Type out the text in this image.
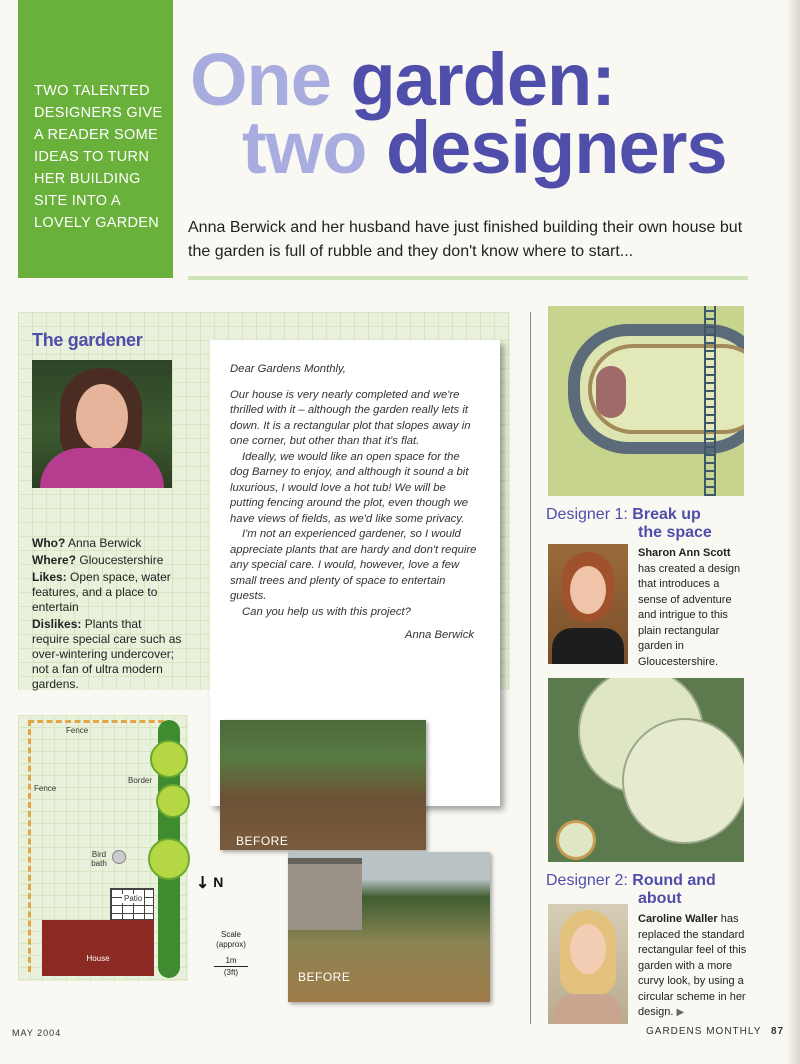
TWO TALENTED DESIGNERS GIVE A READER SOME IDEAS TO TURN HER BUILDING SITE INTO A LOVELY GARDEN
One garden:
two designers
Anna Berwick and her husband have just finished building their own house but the garden is full of rubble and they don't know where to start...
The gardener

Who? Anna Berwick

Where? Gloucestershire

Likes: Open space, water features, and a place to entertain

Dislikes: Plants that require special care such as over-wintering undercover; not a fan of ultra modern gardens.

Dear Gardens Monthly,

Our house is very nearly completed and we're thrilled with it – although the garden really lets it down. It is a rectangular plot that slopes away in one corner, but other than that it's flat.

Ideally, we would like an open space for the dog Barney to enjoy, and although it sound a bit luxurious, I would love a hot tub! We will be putting fencing around the plot, even though we have views of fields, as we'd like some privacy.

I'm not an experienced gardener, so I would appreciate plants that are hardy and don't require any special care. I would, however, love a few small trees and plenty of space to entertain guests.

Can you help us with this project?

Anna Berwick

Fence
Fence
Border
Bird bath
Patio
House
↘ N
Scale (approx)
1m
(3ft)
BEFORE
BEFORE
Designer 1: Break up
the space
Sharon Ann Scott has created a design that introduces a sense of adventure and intrigue to this plain rectangular garden in Gloucestershire.
Designer 2: Round and
about
Caroline Waller has replaced the standard rectangular feel of this garden with a more curvy look, by using a circular scheme in her design. ▶
MAY 2004	GARDENS MONTHLY 87
